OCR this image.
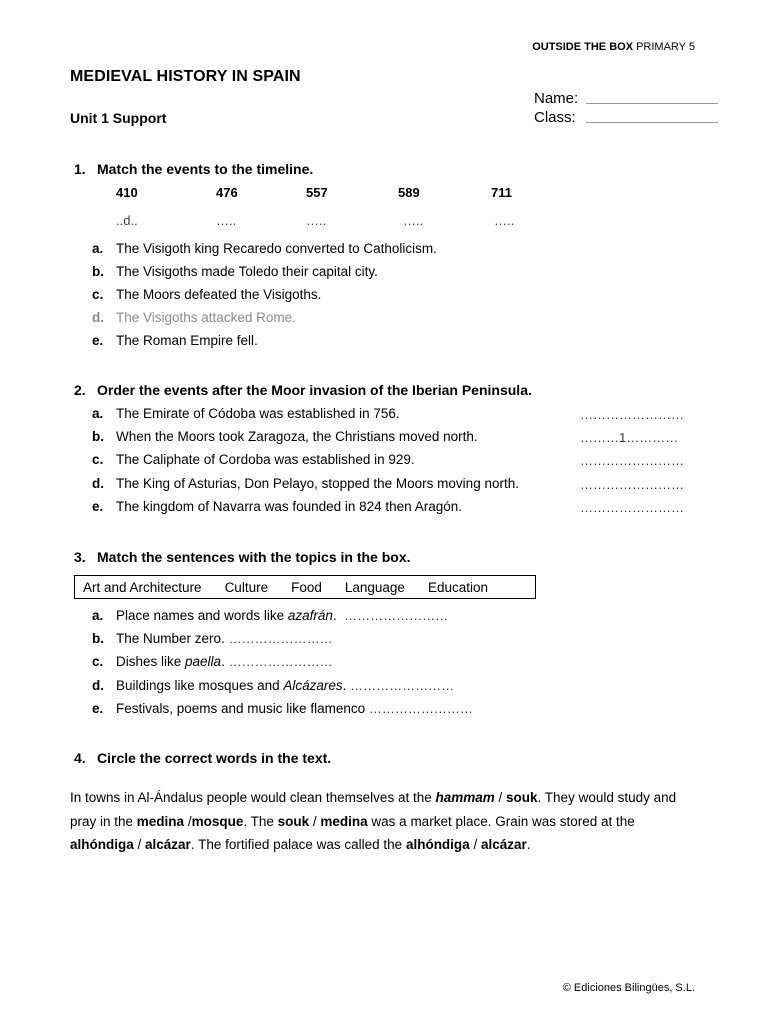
OUTSIDE THE BOX PRIMARY 5
MEDIEVAL HISTORY IN SPAIN
Unit 1 Support
Name:
Class:
1. Match the events to the timeline.
410	476	557	589	711
..d..	…..	…..	…..	…..
a. The Visigoth king Recaredo converted to Catholicism.
b. The Visigoths made Toledo their capital city.
c. The Moors defeated the Visigoths.
d. The Visigoths attacked Rome.
e. The Roman Empire fell.
2. Order the events after the Moor invasion of the Iberian Peninsula.
a. The Emirate of Códoba was established in 756.	……………………
b. When the Moors took Zaragoza, the Christians moved north.	………1…………
c. The Caliphate of Cordoba was established in 929.	……………………
d. The King of Asturias, Don Pelayo, stopped the Moors moving north.	……………………
e. The kingdom of Navarra was founded in 824 then Aragón.	……………………
3. Match the sentences with the topics in the box.
Art and Architecture Culture Food Language Education
a. Place names and words like azafrán. ……………………
b. The Number zero. ……………………
c. Dishes like paella. ……………………
d. Buildings like mosques and Alcázares. ……………………
e. Festivals, poems and music like flamenco ……………………
4. Circle the correct words in the text.
In towns in Al-Ándalus people would clean themselves at the hammam / souk. They would study and pray in the medina /mosque. The souk / medina was a market place. Grain was stored at the alhóndiga / alcázar. The fortified palace was called the alhóndiga / alcázar.
© Ediciones Bilingües, S.L.
